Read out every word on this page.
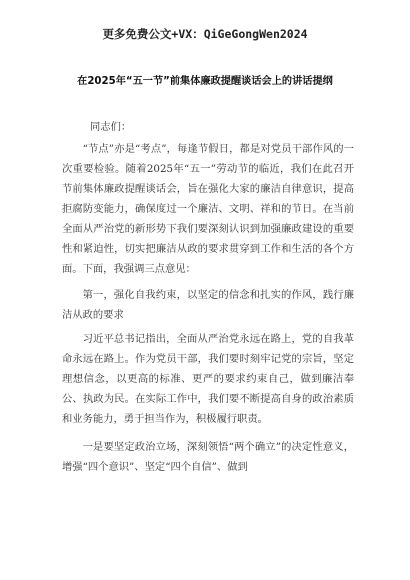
更多免费公文+VX：QiGeGongWen2024
在2025年“五一节”前集体廉政提醒谈话会上的讲话提纲
同志们：

“节点”亦是“考点”，每逢节假日，都是对党员干部作风的一次重要检验。随着2025年“五一”劳动节的临近，我们在此召开节前集体廉政提醒谈话会，旨在强化大家的廉洁自律意识，提高拒腐防变能力，确保度过一个廉洁、文明、祥和的节日。在当前全面从严治党的新形势下我们要深刻认识到加强廉政建设的重要性和紧迫性，切实把廉洁从政的要求贯穿到工作和生活的各个方面。下面，我强调三点意见：

第一，强化自我约束，以坚定的信念和扎实的作风，践行廉洁从政的要求

习近平总书记指出，全面从严治党永远在路上，党的自我革命永远在路上。作为党员干部，我们要时刻牢记党的宗旨，坚定理想信念，以更高的标准、更严的要求约束自己，做到廉洁奉公、执政为民。在实际工作中，我们要不断提高自身的政治素质和业务能力，勇于担当作为，积极履行职责。

一是要坚定政治立场，深刻领悟“两个确立”的决定性意义，增强“四个意识”、坚定“四个自信”、做到
